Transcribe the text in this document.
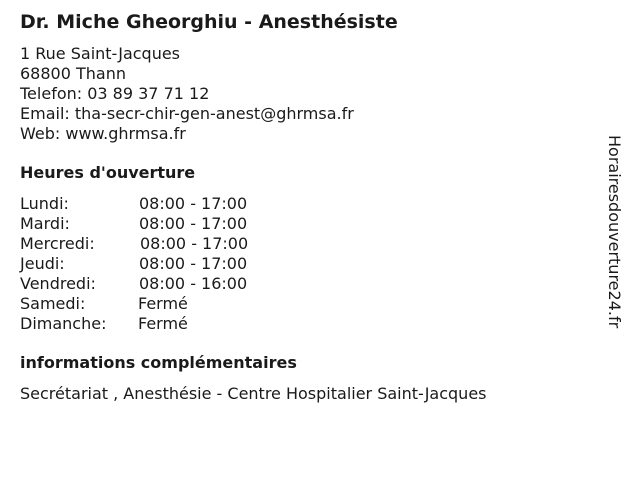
Dr. Miche Gheorghiu - Anesthésiste
1 Rue Saint-Jacques
68800 Thann
Telefon: 03 89 37 71 12
Email: tha-secr-chir-gen-anest@ghrmsa.fr
Web: www.ghrmsa.fr
Heures d'ouverture
Lundi:	08:00 - 17:00
Mardi:	08:00 - 17:00
Mercredi:	08:00 - 17:00
Jeudi:	08:00 - 17:00
Vendredi:	08:00 - 16:00
Samedi:	Fermé
Dimanche: Fermé
informations complémentaires
Secrétariat , Anesthésie - Centre Hospitalier Saint-Jacques
Horairesdouverture24.fr
